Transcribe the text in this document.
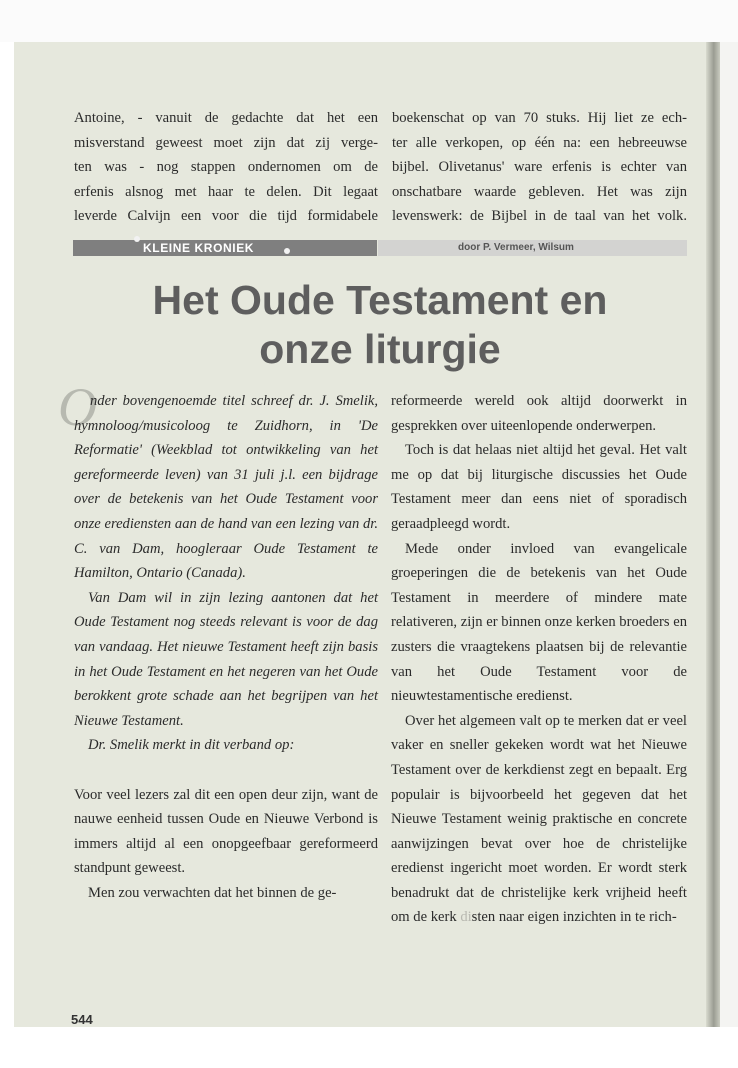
Antoine, - vanuit de gedachte dat het een

misverstand geweest moet zijn dat zij verge-

ten was - nog stappen ondernomen om de

erfenis alsnog met haar te delen. Dit legaat

leverde Calvijn een voor die tijd formidabele

boekenschat op van 70 stuks. Hij liet ze ech-

ter alle verkopen, op één na: een hebreeuwse

bijbel. Olivetanus' ware erfenis is echter van

onschatbare waarde gebleven. Het was zijn

levenswerk: de Bijbel in de taal van het volk.

KLEINE KRONIEK	door P. Vermeer, Wilsum
Het Oude Testament en
onze liturgie
O

nder bovengenoemde titel schreef dr. J. Smelik, hymnoloog/musicoloog te Zuidhorn, in 'De Reformatie' (Weekblad tot ontwikkeling van het gereformeerde leven) van 31 juli j.l. een bijdrage over de betekenis van het Oude Testament voor onze erediensten aan de hand van een lezing van dr. C. van Dam, hoogleraar Oude Testament te Hamilton, Ontario (Canada).

Van Dam wil in zijn lezing aantonen dat het Oude Testament nog steeds relevant is voor de dag van vandaag. Het nieuwe Testament heeft zijn basis in het Oude Testament en het negeren van het Oude berokkent grote schade aan het begrijpen van het Nieuwe Testament.

Dr. Smelik merkt in dit verband op:

Voor veel lezers zal dit een open deur zijn, want de nauwe eenheid tussen Oude en Nieuwe Verbond is immers altijd al een onopgeefbaar gereformeerd standpunt geweest.

Men zou verwachten dat het binnen de ge-

reformeerde wereld ook altijd doorwerkt in gesprekken over uiteenlopende onderwerpen.

Toch is dat helaas niet altijd het geval. Het valt me op dat bij liturgische discussies het Oude Testament meer dan eens niet of sporadisch geraadpleegd wordt.

Mede onder invloed van evangelicale groeperingen die de betekenis van het Oude Testament in meerdere of mindere mate relativeren, zijn er binnen onze kerken broeders en zusters die vraagtekens plaatsen bij de relevantie van het Oude Testament voor de nieuwtestamentische eredienst.

Over het algemeen valt op te merken dat er veel vaker en sneller gekeken wordt wat het Nieuwe Testament over de kerkdienst zegt en bepaalt. Erg populair is bijvoorbeeld het gegeven dat het Nieuwe Testament weinig praktische en concrete aanwijzingen bevat over hoe de christelijke eredienst ingericht moet worden. Er wordt sterk benadrukt dat de christelijke kerk vrijheid heeft om de kerk disten naar eigen inzichten in te rich-

544
